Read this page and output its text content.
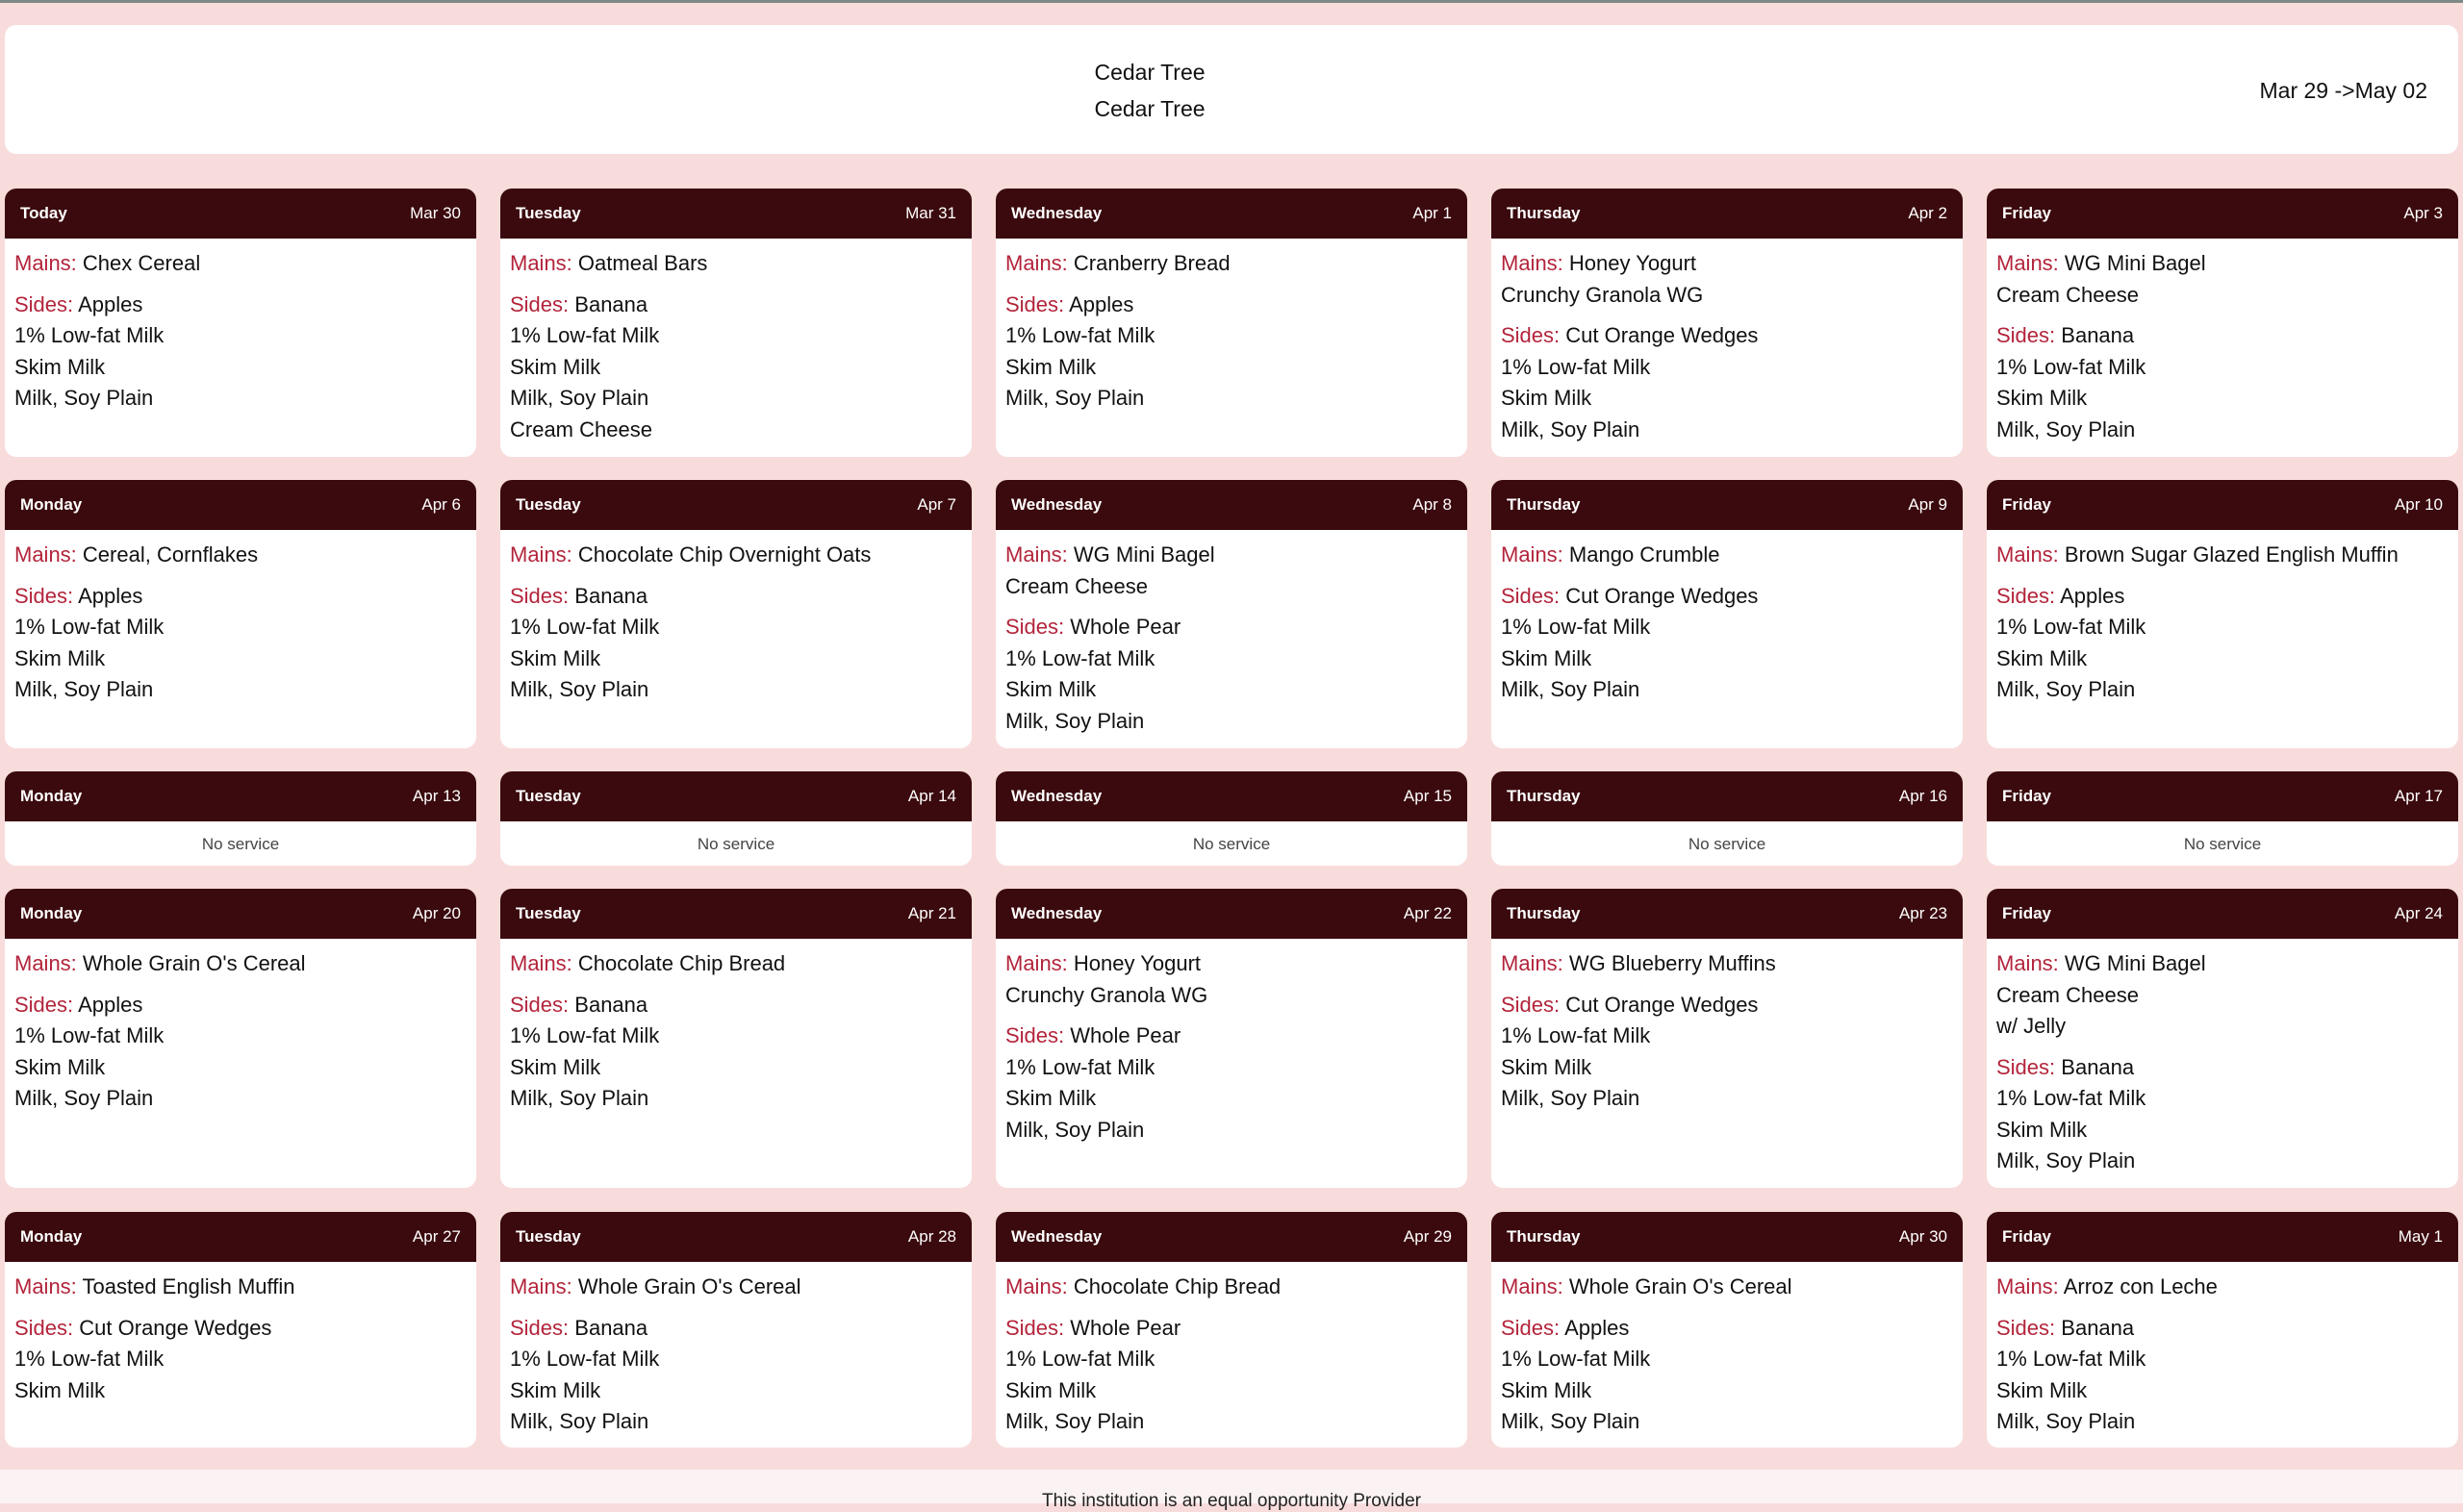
Cedar Tree
Cedar Tree
Mar 29 ->May 02
Today	Mar 30
Mains: Chex Cereal
Sides: Apples
1% Low-fat Milk
Skim Milk
Milk, Soy Plain
Tuesday	Mar 31
Mains: Oatmeal Bars
Sides: Banana
1% Low-fat Milk
Skim Milk
Milk, Soy Plain
Cream Cheese
Wednesday	Apr 1
Mains: Cranberry Bread
Sides: Apples
1% Low-fat Milk
Skim Milk
Milk, Soy Plain
Thursday	Apr 2
Mains: Honey Yogurt
Crunchy Granola WG
Sides: Cut Orange Wedges
1% Low-fat Milk
Skim Milk
Milk, Soy Plain
Friday	Apr 3
Mains: WG Mini Bagel
Cream Cheese
Sides: Banana
1% Low-fat Milk
Skim Milk
Milk, Soy Plain
Monday	Apr 6
Mains: Cereal, Cornflakes
Sides: Apples
1% Low-fat Milk
Skim Milk
Milk, Soy Plain
Tuesday	Apr 7
Mains: Chocolate Chip Overnight Oats
Sides: Banana
1% Low-fat Milk
Skim Milk
Milk, Soy Plain
Wednesday	Apr 8
Mains: WG Mini Bagel
Cream Cheese
Sides: Whole Pear
1% Low-fat Milk
Skim Milk
Milk, Soy Plain
Thursday	Apr 9
Mains: Mango Crumble
Sides: Cut Orange Wedges
1% Low-fat Milk
Skim Milk
Milk, Soy Plain
Friday	Apr 10
Mains: Brown Sugar Glazed English Muffin
Sides: Apples
1% Low-fat Milk
Skim Milk
Milk, Soy Plain
Monday	Apr 13
No service
Tuesday	Apr 14
No service
Wednesday	Apr 15
No service
Thursday	Apr 16
No service
Friday	Apr 17
No service
Monday	Apr 20
Mains: Whole Grain O's Cereal
Sides: Apples
1% Low-fat Milk
Skim Milk
Milk, Soy Plain
Tuesday	Apr 21
Mains: Chocolate Chip Bread
Sides: Banana
1% Low-fat Milk
Skim Milk
Milk, Soy Plain
Wednesday	Apr 22
Mains: Honey Yogurt
Crunchy Granola WG
Sides: Whole Pear
1% Low-fat Milk
Skim Milk
Milk, Soy Plain
Thursday	Apr 23
Mains: WG Blueberry Muffins
Sides: Cut Orange Wedges
1% Low-fat Milk
Skim Milk
Milk, Soy Plain
Friday	Apr 24
Mains: WG Mini Bagel
Cream Cheese
w/ Jelly
Sides: Banana
1% Low-fat Milk
Skim Milk
Milk, Soy Plain
Monday	Apr 27
Mains: Toasted English Muffin
Sides: Cut Orange Wedges
1% Low-fat Milk
Skim Milk
Tuesday	Apr 28
Mains: Whole Grain O's Cereal
Sides: Banana
1% Low-fat Milk
Skim Milk
Milk, Soy Plain
Wednesday	Apr 29
Mains: Chocolate Chip Bread
Sides: Whole Pear
1% Low-fat Milk
Skim Milk
Milk, Soy Plain
Thursday	Apr 30
Mains: Whole Grain O's Cereal
Sides: Apples
1% Low-fat Milk
Skim Milk
Milk, Soy Plain
Friday	May 1
Mains: Arroz con Leche
Sides: Banana
1% Low-fat Milk
Skim Milk
Milk, Soy Plain
This institution is an equal opportunity Provider
